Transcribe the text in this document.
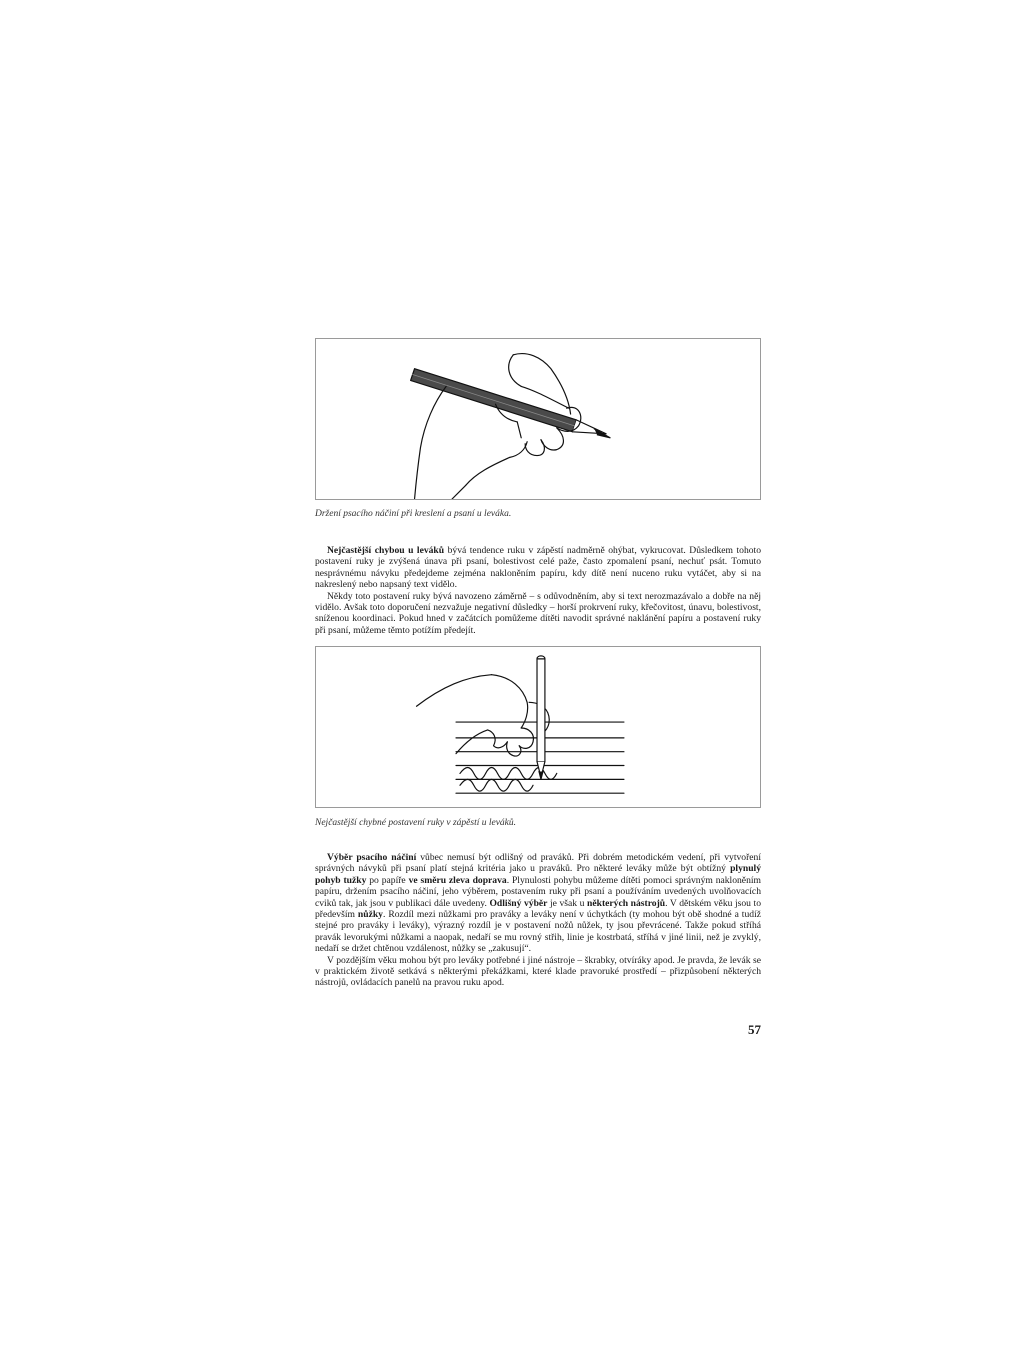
Držení psacího náčiní při kreslení a psaní u leváka.

Nejčastější chybou u leváků bývá tendence ruku v zápěstí nadměrně ohýbat, vykrucovat. Důsledkem tohoto postavení ruky je zvýšená únava při psaní, bolestivost celé paže, často zpomalení psaní, nechuť psát. Tomuto nesprávnému návyku předejdeme zejména nakloněním papíru, kdy dítě není nuceno ruku vytáčet, aby si na nakreslený nebo napsaný text vidělo.

Někdy toto postavení ruky bývá navozeno záměrně – s odůvodněním, aby si text nerozmazávalo a dobře na něj vidělo. Avšak toto doporučení nezvažuje negativní důsledky – horší prokrvení ruky, křečovitost, únavu, bolestivost, sníženou koordinaci. Pokud hned v začátcích pomůžeme dítěti navodit správné naklánění papíru a postavení ruky při psaní, můžeme těmto potížím předejít.

Nejčastější chybné postavení ruky v zápěstí u leváků.

Výběr psacího náčiní vůbec nemusí být odlišný od praváků. Při dobrém metodickém vedení, při vytvoření správných návyků při psaní platí stejná kritéria jako u praváků. Pro některé leváky může být obtížný plynulý pohyb tužky po papíře ve směru zleva doprava. Plynulosti pohybu můžeme dítěti pomoci správným nakloněním papíru, držením psacího náčiní, jeho výběrem, postavením ruky při psaní a používáním uvedených uvolňovacích cviků tak, jak jsou v publikaci dále uvedeny. Odlišný výběr je však u některých nástrojů. V dětském věku jsou to především nůžky. Rozdíl mezi nůžkami pro praváky a leváky není v úchytkách (ty mohou být obě shodné a tudíž stejné pro praváky i leváky), výrazný rozdíl je v postavení nožů nůžek, ty jsou převrácené. Takže pokud stříhá pravák levorukými nůžkami a naopak, nedaří se mu rovný střih, linie je kostrbatá, stříhá v jiné linii, než je zvyklý, nedaří se držet chtěnou vzdálenost, nůžky se „zakusují“.

V pozdějším věku mohou být pro leváky potřebné i jiné nástroje – škrabky, otvíráky apod. Je pravda, že levák se v praktickém životě setkává s některými překážkami, které klade pravoruké prostředí – přizpůsobení některých nástrojů, ovládacích panelů na pravou ruku apod.

57
